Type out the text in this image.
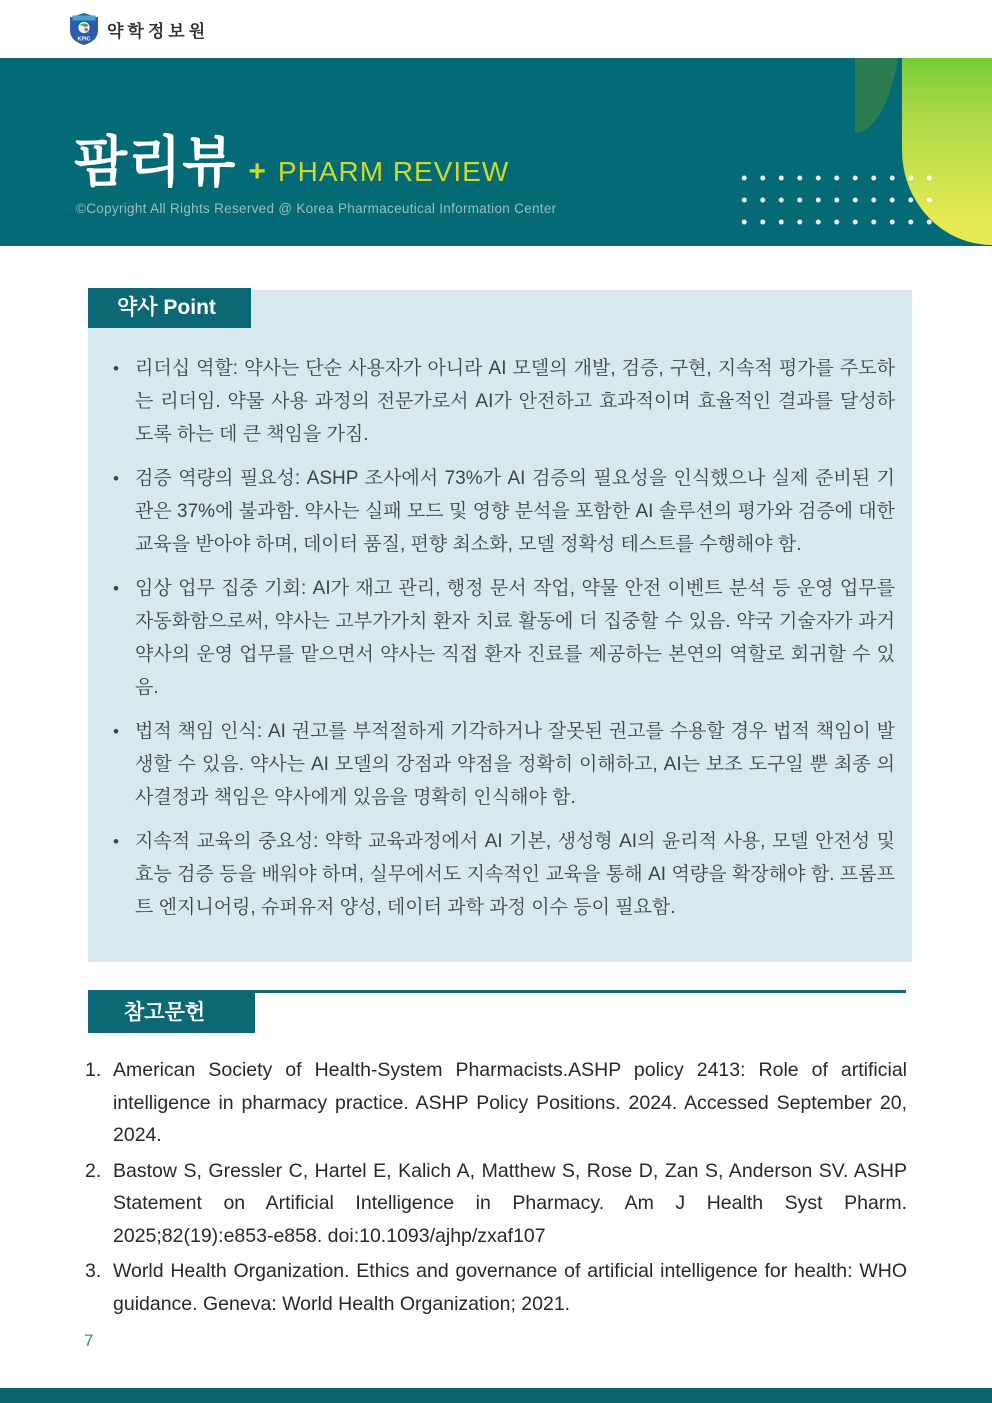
팜리뷰 + PHARM REVIEW
©Copyright All Rights Reserved @ Korea Pharmaceutical Information Center
KPIC 약학정보원
약사 Point
• 리더십 역할: 약사는 단순 사용자가 아니라 AI 모델의 개발, 검증, 구현, 지속적 평가를 주도하는 리더임. 약물 사용 과정의 전문가로서 AI가 안전하고 효과적이며 효율적인 결과를 달성하도록 하는 데 큰 책임을 가짐.
• 검증 역량의 필요성: ASHP 조사에서 73%가 AI 검증의 필요성을 인식했으나 실제 준비된 기관은 37%에 불과함. 약사는 실패 모드 및 영향 분석을 포함한 AI 솔루션의 평가와 검증에 대한 교육을 받아야 하며, 데이터 품질, 편향 최소화, 모델 정확성 테스트를 수행해야 함.
• 임상 업무 집중 기회: AI가 재고 관리, 행정 문서 작업, 약물 안전 이벤트 분석 등 운영 업무를 자동화함으로써, 약사는 고부가가치 환자 치료 활동에 더 집중할 수 있음. 약국 기술자가 과거 약사의 운영 업무를 맡으면서 약사는 직접 환자 진료를 제공하는 본연의 역할로 회귀할 수 있음.
• 법적 책임 인식: AI 권고를 부적절하게 기각하거나 잘못된 권고를 수용할 경우 법적 책임이 발생할 수 있음. 약사는 AI 모델의 강점과 약점을 정확히 이해하고, AI는 보조 도구일 뿐 최종 의사결정과 책임은 약사에게 있음을 명확히 인식해야 함.
• 지속적 교육의 중요성: 약학 교육과정에서 AI 기본, 생성형 AI의 윤리적 사용, 모델 안전성 및 효능 검증 등을 배워야 하며, 실무에서도 지속적인 교육을 통해 AI 역량을 확장해야 함. 프롬프트 엔지니어링, 슈퍼유저 양성, 데이터 과학 과정 이수 등이 필요함.
참고문헌
1. American Society of Health-System Pharmacists.ASHP policy 2413: Role of artificial intelligence in pharmacy practice. ASHP Policy Positions. 2024. Accessed September 20, 2024.
2. Bastow S, Gressler C, Hartel E, Kalich A, Matthew S, Rose D, Zan S, Anderson SV. ASHP Statement on Artificial Intelligence in Pharmacy. Am J Health Syst Pharm. 2025;82(19):e853-e858. doi:10.1093/ajhp/zxaf107
3. World Health Organization. Ethics and governance of artificial intelligence for health: WHO guidance. Geneva: World Health Organization; 2021.
7
